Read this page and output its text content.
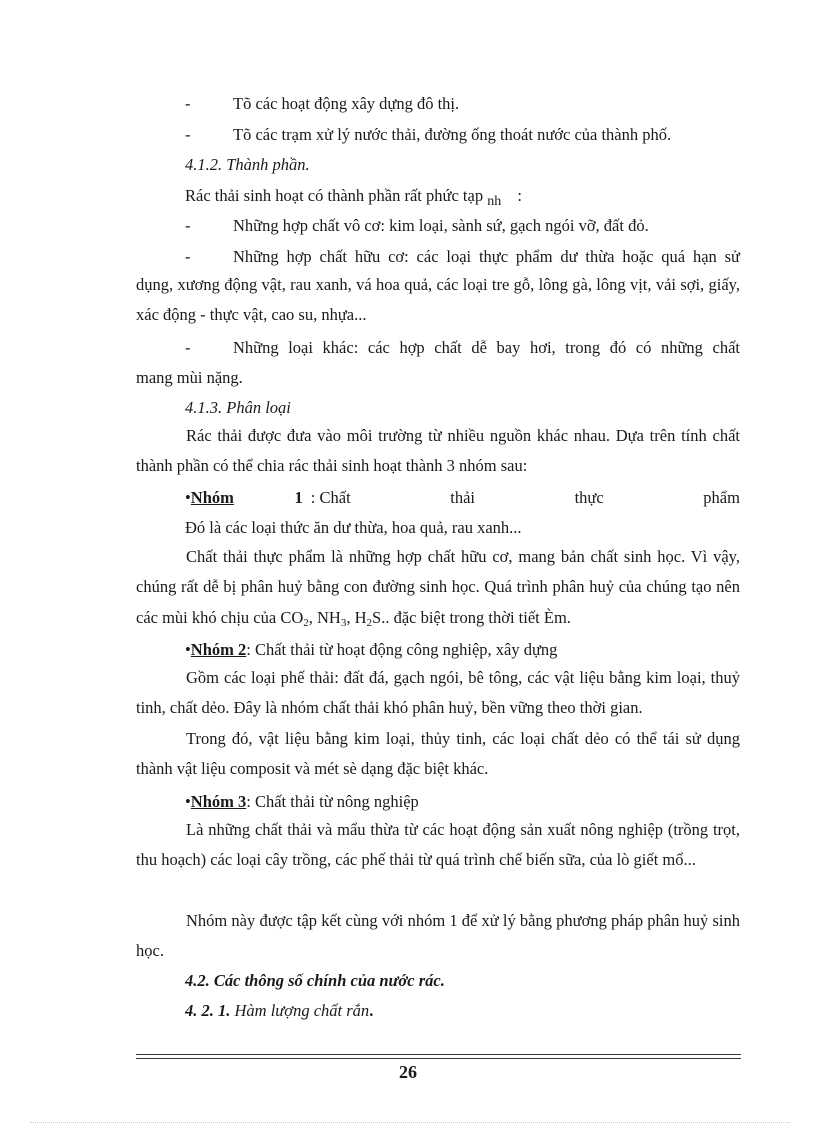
-	Tõ các hoạt động xây dựng đô thị.
-	Tõ các trạm xử lý nước thải, đường ống thoát nước của thành phố.
4.1.2. Thành phần.
Rác thải sinh hoạt có thành phần rất phức tạp $_{nh}$ :
-	Những hợp chất vô cơ: kim loại, sành sứ, gạch ngói vỡ, đất đỏ.
-	Những hợp chất hữu cơ: các loại thực phẩm dư thừa hoặc quá hạn sử
dụng, xương động vật, rau xanh, vá hoa quả, các loại tre gỗ, lông gà, lông vịt, vải sợi, giấy, xác động - thực vật, cao su, nhựa...
-	Những loại khác: các hợp chất dễ bay hơi, trong đó có những chất
mang mùi nặng.
4.1.3. Phân loại
Rác thải được đưa vào môi trường từ nhiều nguồn khác nhau. Dựa trên tính chất thành phần có thể chia rác thải sinh hoạt thành 3 nhóm sau:
•Nhóm	1 : Chất	thải	thực	phẩm
Đó là các loại thức ăn dư thừa, hoa quả, rau xanh...
Chất thải thực phẩm là những hợp chất hữu cơ, mang bản chất sinh học. Vì vậy, chúng rất dễ bị phân huỷ bằng con đường sinh học. Quá trình phân huỷ của chúng tạo nên các mùi khó chịu của $CO_2$, $NH_3$, $H_2S$.. đặc biệt trong thời tiết Èm.
•Nhóm 2: Chất thải từ hoạt động công nghiệp, xây dựng
Gồm các loại phế thải: đất đá, gạch ngói, bê tông, các vật liệu bằng kim loại, thuỷ tinh, chất dẻo. Đây là nhóm chất thải khó phân huỷ, bền vững theo thời gian.
Trong đó, vật liệu bằng kim loại, thủy tinh, các loại chất dẻo có thể tái sử dụng thành vật liệu composit và mét sè dạng đặc biệt khác.
•Nhóm 3: Chất thải từ nông nghiệp
Là những chất thải và mẩu thừa từ các hoạt động sản xuất nông nghiệp (trồng trọt, thu hoạch) các loại cây trồng, các phế thải từ quá trình chế biến sữa, của lò giết mổ...
Nhóm này được tập kết cùng với nhóm 1 để xử lý bằng phương pháp phân huỷ sinh học.
4.2. Các thông số chính của nước rác.
4. 2. 1. Hàm lượng chất rắn.
26
